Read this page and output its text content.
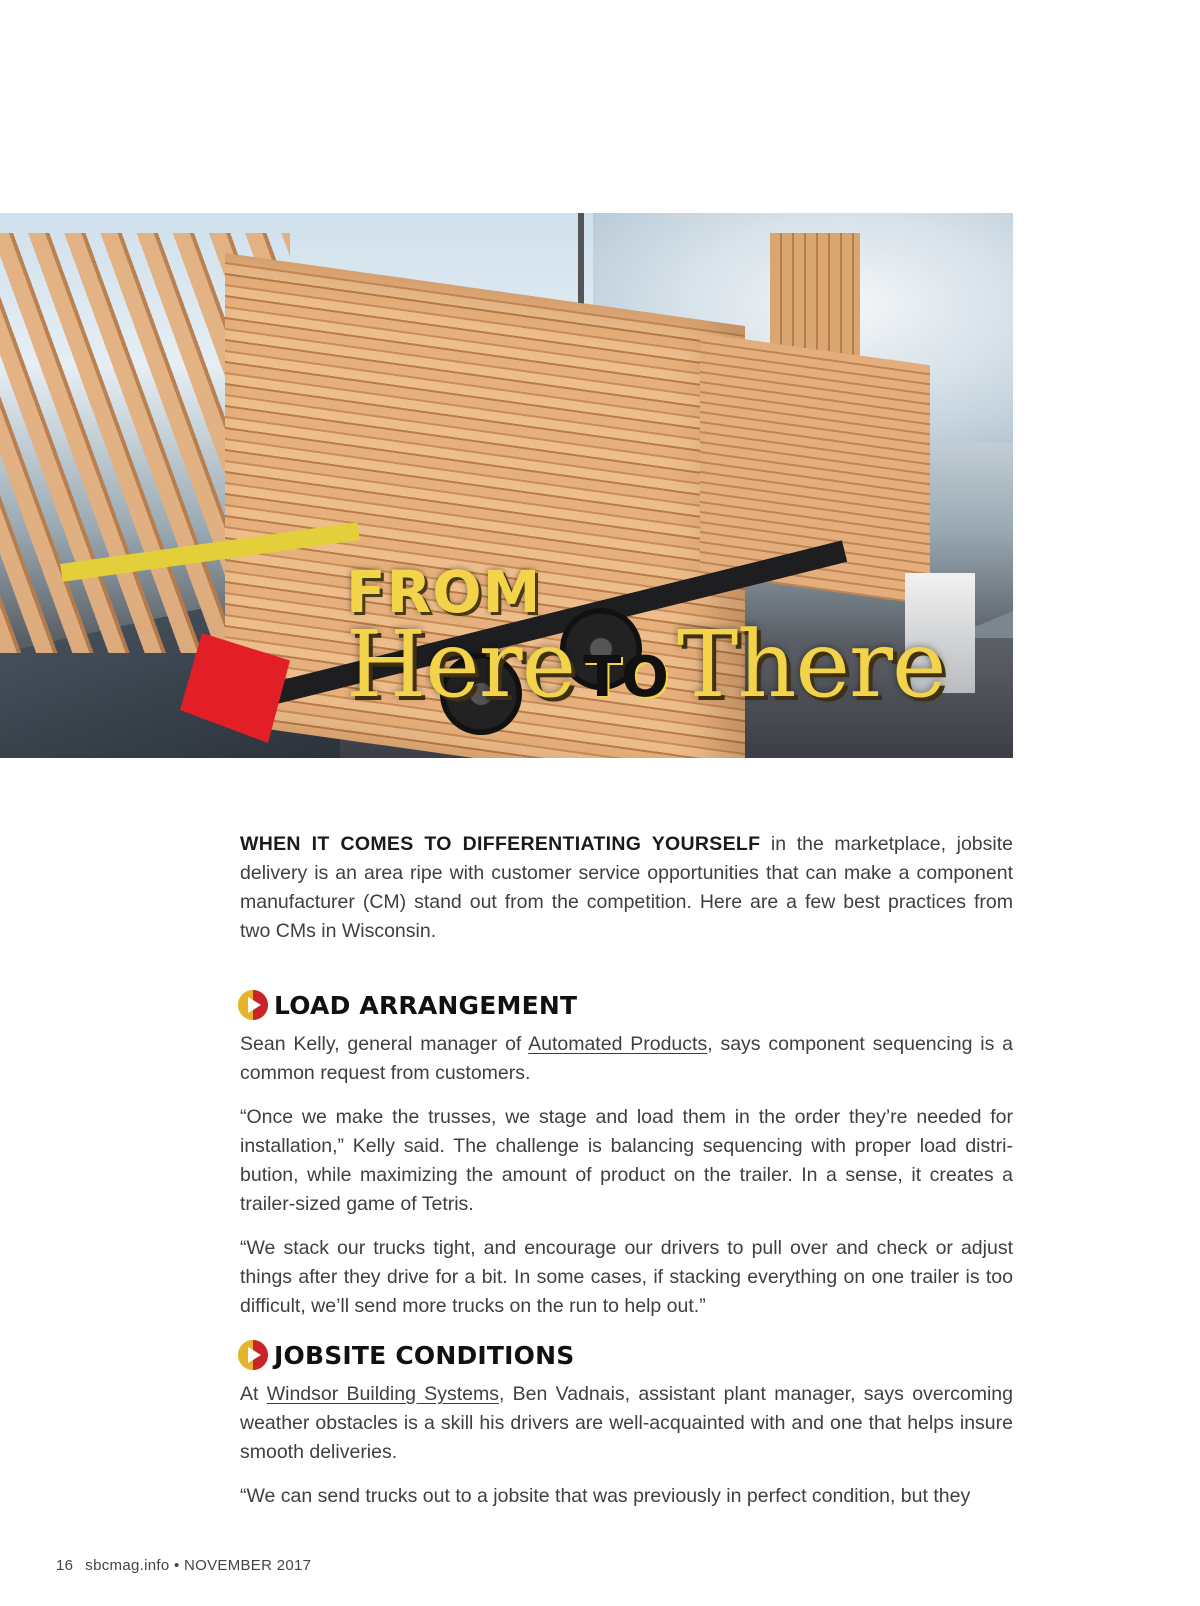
FROM
Here TOThere

WHEN IT COMES TO DIFFERENTIATING YOURSELF in the marketplace, jobsite delivery is an area ripe with customer service opportunities that can make a component manufacturer (CM) stand out from the competition. Here are a few best practices from two CMs in Wisconsin.

LOAD ARRANGEMENT

Sean Kelly, general manager of Automated Products, says component sequencing is a common request from customers.

“Once we make the trusses, we stage and load them in the order they’re needed for installation,” Kelly said. The challenge is balancing sequencing with proper load distribution, while maximizing the amount of product on the trailer. In a sense, it creates a trailer-sized game of Tetris.

“We stack our trucks tight, and encourage our drivers to pull over and check or adjust things after they drive for a bit. In some cases, if stacking everything on one trailer is too difficult, we’ll send more trucks on the run to help out.”

JOBSITE CONDITIONS

At Windsor Building Systems, Ben Vadnais, assistant plant manager, says overcoming weather obstacles is a skill his drivers are well-acquainted with and one that helps insure smooth deliveries.

“We can send trucks out to a jobsite that was previously in perfect condition, but they

16 sbcmag.info • NOVEMBER 2017
